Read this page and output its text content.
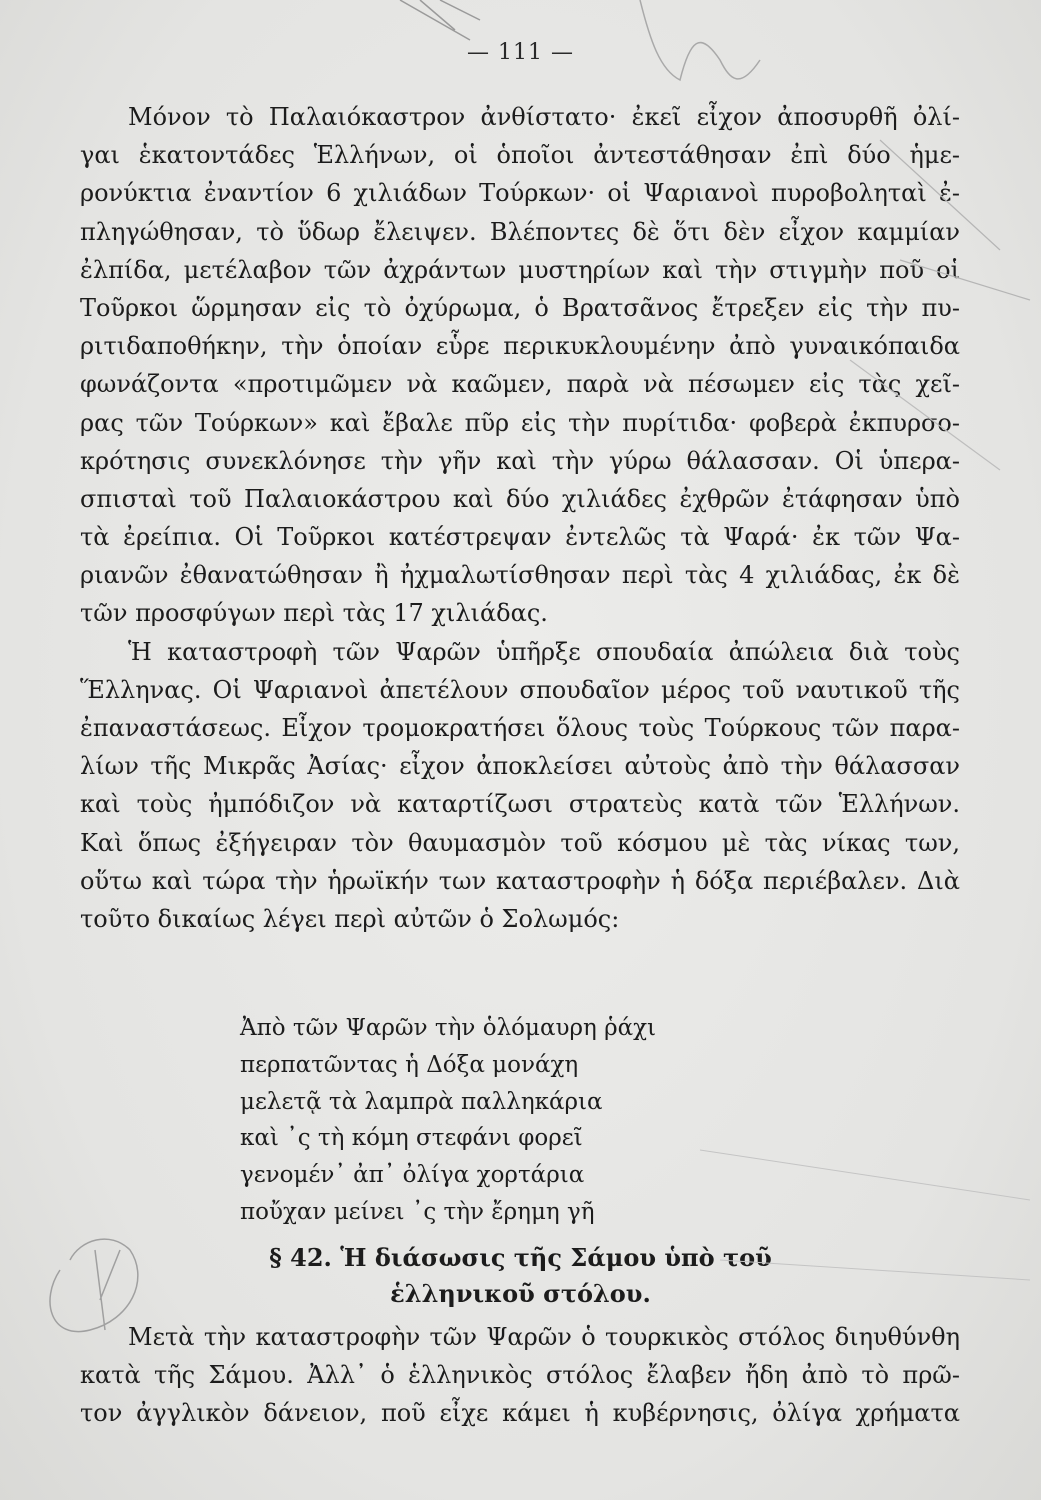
— 111 —
Μόνον τὸ Παλαιόκαστρον ἀνθίστατο· ἐκεῖ εἶχον ἀποσυρθῆ ὀλί-
γαι ἑκατοντάδες Ἑλλήνων, οἱ ὁποῖοι ἀντεστάθησαν ἐπὶ δύο ἡμε-
ρονύκτια ἐναντίον 6 χιλιάδων Τούρκων· οἱ Ψαριανοὶ πυροβοληταὶ ἐ-
πληγώθησαν, τὸ ὕδωρ ἔλειψεν. Βλέποντες δὲ ὅτι δὲν εἶχον καμμίαν
ἐλπίδα, μετέλαβον τῶν ἀχράντων μυστηρίων καὶ τὴν στιγμὴν ποῦ οἱ
Τοῦρκοι ὥρμησαν εἰς τὸ ὀχύρωμα, ὁ Βρατσᾶνος ἔτρεξεν εἰς τὴν πυ-
ριτιδαποθήκην, τὴν ὁποίαν εὗρε περικυκλουμένην ἀπὸ γυναικόπαιδα
φωνάζοντα «προτιμῶμεν νὰ καῶμεν, παρὰ νὰ πέσωμεν εἰς τὰς χεῖ-
ρας τῶν Τούρκων» καὶ ἔβαλε πῦρ εἰς τὴν πυρίτιδα· φοβερὰ ἐκπυρσο-
κρότησις συνεκλόνησε τὴν γῆν καὶ τὴν γύρω θάλασσαν. Οἱ ὑπερα-
σπισταὶ τοῦ Παλαιοκάστρου καὶ δύο χιλιάδες ἐχθρῶν ἐτάφησαν ὑπὸ
τὰ ἐρείπια. Οἱ Τοῦρκοι κατέστρεψαν ἐντελῶς τὰ Ψαρά· ἐκ τῶν Ψα-
ριανῶν ἐθανατώθησαν ἢ ἠχμαλωτίσθησαν περὶ τὰς 4 χιλιάδας, ἐκ δὲ
τῶν προσφύγων περὶ τὰς 17 χιλιάδας.
Ἡ καταστροφὴ τῶν Ψαρῶν ὑπῆρξε σπουδαία ἀπώλεια διὰ τοὺς
Ἕλληνας. Οἱ Ψαριανοὶ ἀπετέλουν σπουδαῖον μέρος τοῦ ναυτικοῦ τῆς
ἐπαναστάσεως. Εἶχον τρομοκρατήσει ὅλους τοὺς Τούρκους τῶν παρα-
λίων τῆς Μικρᾶς Ἀσίας· εἶχον ἀποκλείσει αὐτοὺς ἀπὸ τὴν θάλασσαν
καὶ τοὺς ἠμπόδιζον νὰ καταρτίζωσι στρατεὺς κατὰ τῶν Ἑλλήνων.
Καὶ ὅπως ἐξήγειραν τὸν θαυμασμὸν τοῦ κόσμου μὲ τὰς νίκας των,
οὕτω καὶ τώρα τὴν ἡρωϊκήν των καταστροφὴν ἡ δόξα περιέβαλεν. Διὰ
τοῦτο δικαίως λέγει περὶ αὐτῶν ὁ Σολωμός:
Ἀπὸ τῶν Ψαρῶν τὴν ὁλόμαυρη ῥάχι
περπατῶντας ἡ Δόξα μονάχη
μελετᾷ τὰ λαμπρὰ παλληκάρια
καὶ ᾽ς τὴ κόμη στεφάνι φορεῖ
γενομέν᾽ ἀπ᾽ ὀλίγα χορτάρια
ποὔχαν μείνει ᾽ς τὴν ἔρημη γῆ
§ 42. Ἡ διάσωσις τῆς Σάμου ὑπὸ τοῦ
ἑλληνικοῦ στόλου.
Μετὰ τὴν καταστροφὴν τῶν Ψαρῶν ὁ τουρκικὸς στόλος διηυθύνθη
κατὰ τῆς Σάμου. Ἀλλ᾽ ὁ ἑλληνικὸς στόλος ἔλαβεν ἤδη ἀπὸ τὸ πρῶ-
τον ἀγγλικὸν δάνειον, ποῦ εἶχε κάμει ἡ κυβέρνησις, ὀλίγα χρήματα
